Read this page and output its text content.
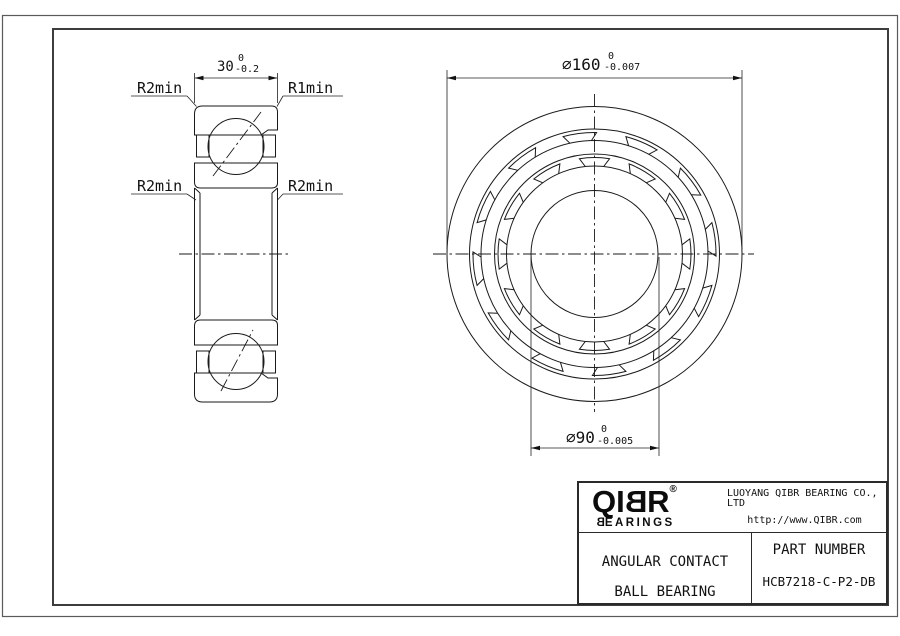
30
0
-0.2
R2min	R1min
R2min	R2min
∅160 0
-0.007
∅90 0
-0.005
QIBR®
BEARINGS
LUOYANG QIBR BEARING CO., LTD
http://www.QIBR.com
ANGULAR CONTACT
BALL BEARING
PART NUMBER
HCB7218-C-P2-DB
